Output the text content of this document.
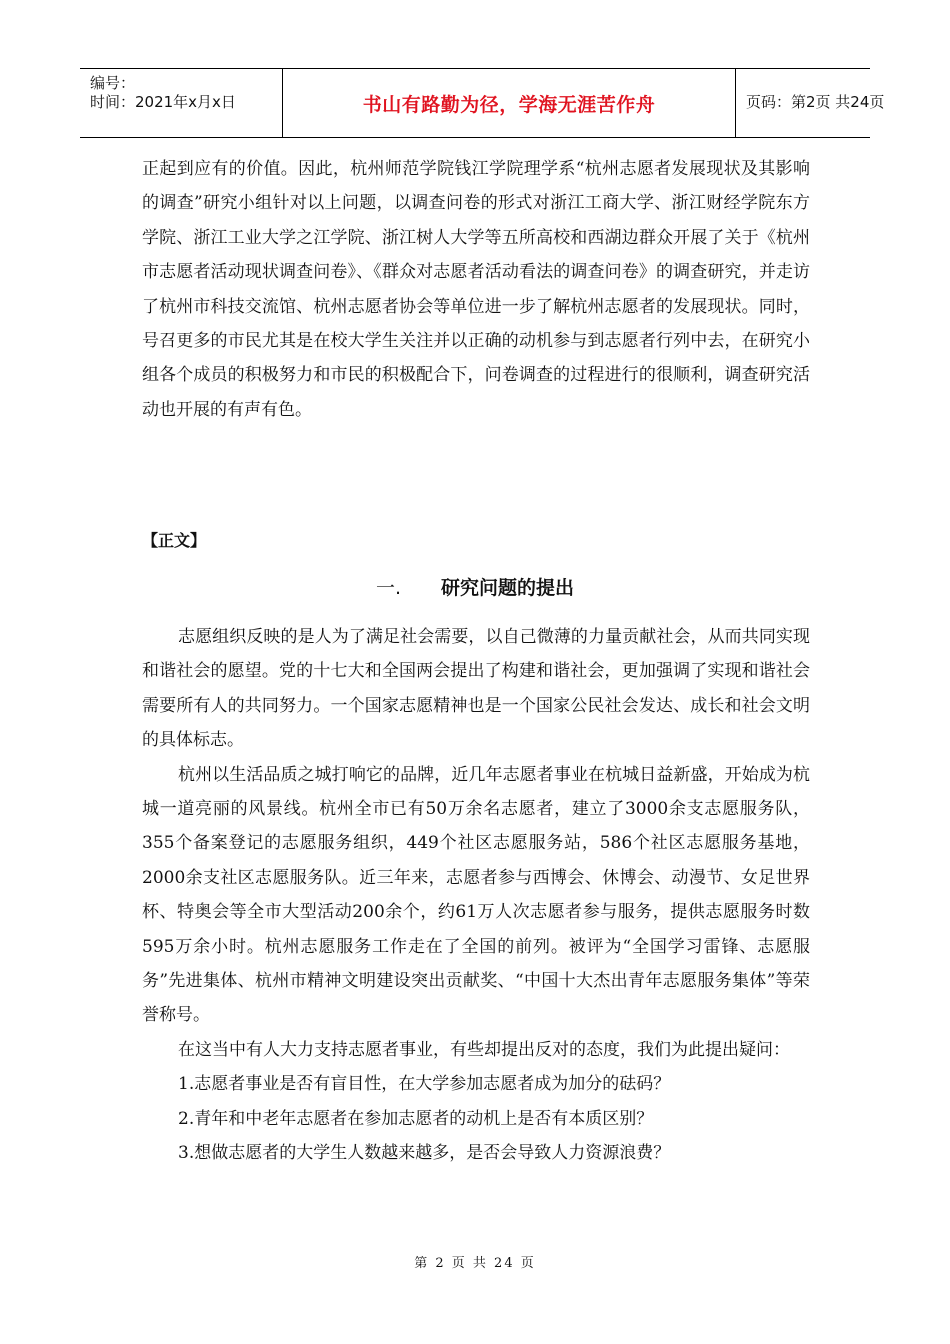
编号：
时间：2021年x月x日	书山有路勤为径，学海无涯苦作舟	页码：第2页 共24页

正起到应有的价值。因此，杭州师范学院钱江学院理学系“杭州志愿者发展现状及其影响的调查”研究小组针对以上问题，以调查问卷的形式对浙江工商大学、浙江财经学院东方学院、浙江工业大学之江学院、浙江树人大学等五所高校和西湖边群众开展了关于《杭州市志愿者活动现状调查问卷》、《群众对志愿者活动看法的调查问卷》的调查研究，并走访了杭州市科技交流馆、杭州志愿者协会等单位进一步了解杭州志愿者的发展现状。同时，号召更多的市民尤其是在校大学生关注并以正确的动机参与到志愿者行列中去，在研究小组各个成员的积极努力和市民的积极配合下，问卷调查的过程进行的很顺利，调查研究活动也开展的有声有色。

【正文】
一. 研究问题的提出

志愿组织反映的是人为了满足社会需要，以自己微薄的力量贡献社会，从而共同实现和谐社会的愿望。党的十七大和全国两会提出了构建和谐社会，更加强调了实现和谐社会需要所有人的共同努力。一个国家志愿精神也是一个国家公民社会发达、成长和社会文明的具体标志。

杭州以生活品质之城打响它的品牌，近几年志愿者事业在杭城日益新盛，开始成为杭城一道亮丽的风景线。杭州全市已有50万余名志愿者，建立了3000余支志愿服务队，355个备案登记的志愿服务组织，449个社区志愿服务站，586个社区志愿服务基地，2000余支社区志愿服务队。近三年来，志愿者参与西博会、休博会、动漫节、女足世界杯、特奥会等全市大型活动200余个，约61万人次志愿者参与服务，提供志愿服务时数595万余小时。杭州志愿服务工作走在了全国的前列。被评为“全国学习雷锋、志愿服务”先进集体、杭州市精神文明建设突出贡献奖、“中国十大杰出青年志愿服务集体”等荣誉称号。

在这当中有人大力支持志愿者事业，有些却提出反对的态度，我们为此提出疑问：

1.志愿者事业是否有盲目性，在大学参加志愿者成为加分的砝码？

2.青年和中老年志愿者在参加志愿者的动机上是否有本质区别？

3.想做志愿者的大学生人数越来越多，是否会导致人力资源浪费？

第 2 页 共 24 页
